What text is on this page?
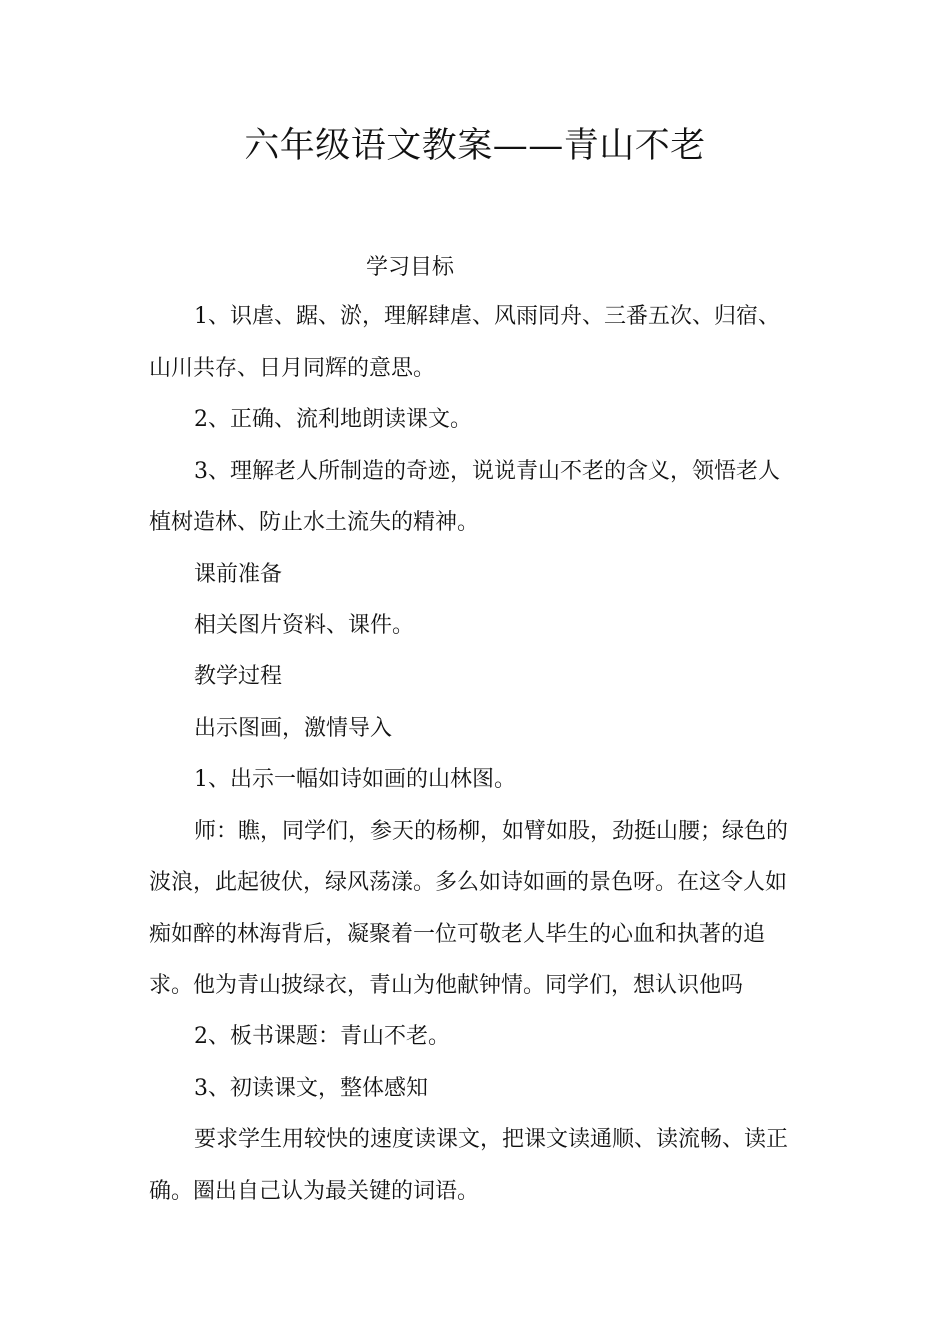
六年级语文教案——青山不老

学习目标

1、识虐、踞、淤，理解肆虐、风雨同舟、三番五次、归宿、

山川共存、日月同辉的意思。

2、正确、流利地朗读课文。

3、理解老人所制造的奇迹，说说青山不老的含义，领悟老人

植树造林、防止水土流失的精神。

课前准备

相关图片资料、课件。

教学过程

出示图画，激情导入

1、出示一幅如诗如画的山林图。

师：瞧，同学们，参天的杨柳，如臂如股，劲挺山腰；绿色的

波浪，此起彼伏，绿风荡漾。多么如诗如画的景色呀。在这令人如

痴如醉的林海背后，凝聚着一位可敬老人毕生的心血和执著的追

求。他为青山披绿衣，青山为他献钟情。同学们，想认识他吗

2、板书课题：青山不老。

3、初读课文，整体感知

要求学生用较快的速度读课文，把课文读通顺、读流畅、读正

确。圈出自己认为最关键的词语。
